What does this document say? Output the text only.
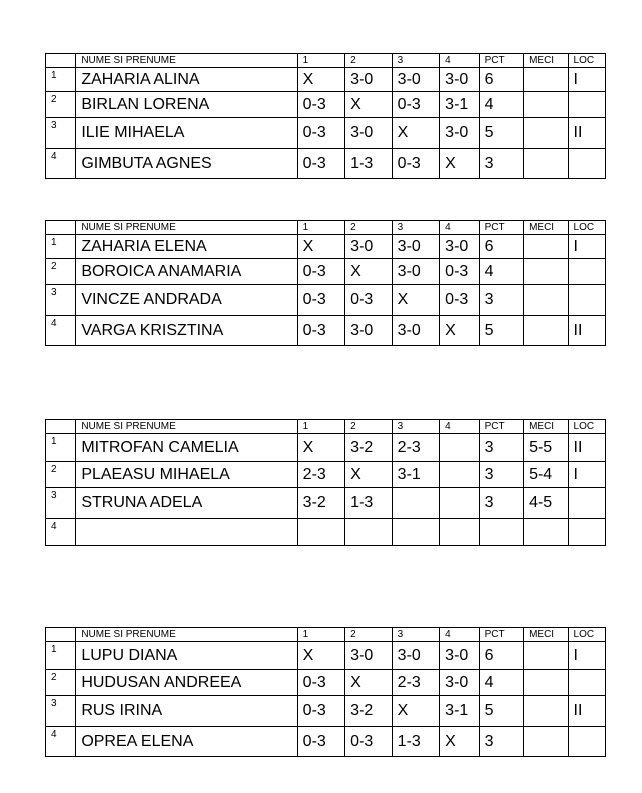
	NUME SI PRENUME	1	2	3	4	PCT	MECI	LOC
1	ZAHARIA ALINA	X	3-0	3-0	3-0	6		I
2	BIRLAN LORENA	0-3	X	0-3	3-1	4		
3	ILIE MIHAELA	0-3	3-0	X	3-0	5		II
4	GIMBUTA AGNES	0-3	1-3	0-3	X	3		
	NUME SI PRENUME	1	2	3	4	PCT	MECI	LOC
1	ZAHARIA ELENA	X	3-0	3-0	3-0	6		I
2	BOROICA ANAMARIA	0-3	X	3-0	0-3	4		
3	VINCZE ANDRADA	0-3	0-3	X	0-3	3		
4	VARGA KRISZTINA	0-3	3-0	3-0	X	5		II
	NUME SI PRENUME	1	2	3	4	PCT	MECI	LOC
1	MITROFAN CAMELIA	X	3-2	2-3		3	5-5	II
2	PLAEASU MIHAELA	2-3	X	3-1		3	5-4	I
3	STRUNA ADELA	3-2	1-3			3	4-5	
4								
	NUME SI PRENUME	1	2	3	4	PCT	MECI	LOC
1	LUPU DIANA	X	3-0	3-0	3-0	6		I
2	HUDUSAN ANDREEA	0-3	X	2-3	3-0	4		
3	RUS IRINA	0-3	3-2	X	3-1	5		II
4	OPREA ELENA	0-3	0-3	1-3	X	3		
